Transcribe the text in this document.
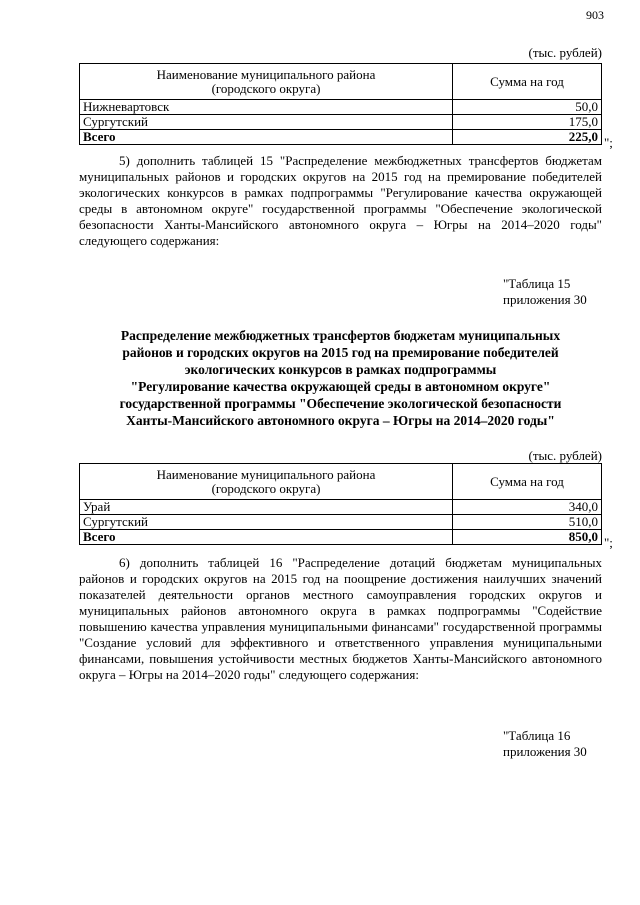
903
(тыс. рублей)
Наименование муниципального района
(городского округа)	Сумма на год
Нижневартовск	50,0
Сургутский	175,0
Всего	225,0 ";

5) дополнить таблицей 15 "Распределение межбюджетных трансфертов бюджетам муниципальных районов и городских округов на 2015 год на премирование победителей экологических конкурсов в рамках подпрограммы "Регулирование качества окружающей среды в автономном округе" государственной программы "Обеспечение экологической безопасности Ханты-Мансийского автономного округа – Югры на 2014–2020 годы" следующего содержания:

"Таблица 15
приложения 30
Распределение межбюджетных трансфертов бюджетам муниципальных
районов и городских округов на 2015 год на премирование победителей
экологических конкурсов в рамках подпрограммы
"Регулирование качества окружающей среды в автономном округе"
государственной программы "Обеспечение экологической безопасности
Ханты-Мансийского автономного округа – Югры на 2014–2020 годы"
(тыс. рублей)
Наименование муниципального района
(городского округа)	Сумма на год
Урай	340,0
Сургутский	510,0
Всего	850,0 ";

6) дополнить таблицей 16 "Распределение дотаций бюджетам муниципальных районов и городских округов на 2015 год на поощрение достижения наилучших значений показателей деятельности органов местного самоуправления городских округов и муниципальных районов автономного округа в рамках подпрограммы "Содействие повышению качества управления муниципальными финансами" государственной программы "Создание условий для эффективного и ответственного управления муниципальными финансами, повышения устойчивости местных бюджетов Ханты-Мансийского автономного округа – Югры на 2014–2020 годы" следующего содержания:

"Таблица 16
приложения 30
